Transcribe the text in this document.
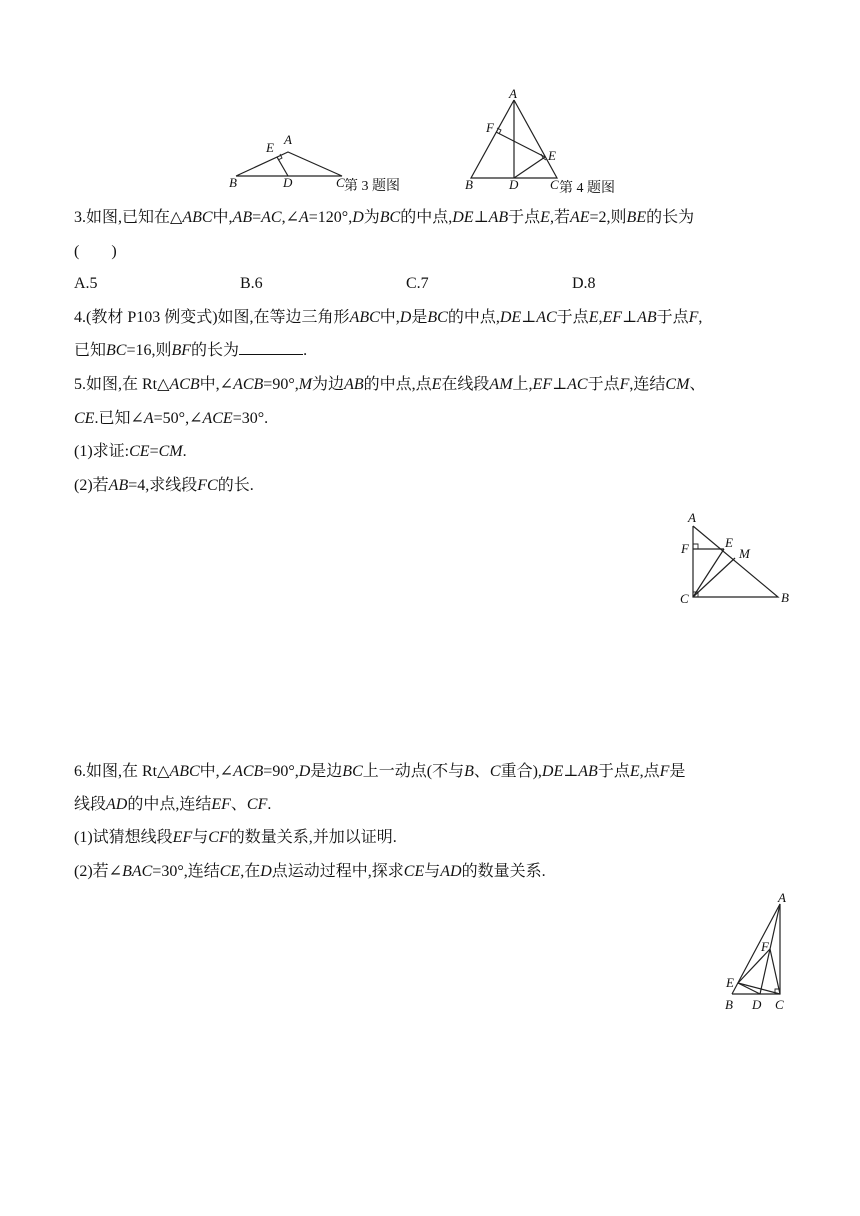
A
E
B	D	C 第 3 题图
A
F
E
B	D C 第 4 题图
3.如图,已知在△ABC中,AB=AC,∠A=120°,D为BC的中点,DE⊥AB于点E,若AE=2,则BE的长为
(        )
A.5	B.6	C.7	D.8
4.(教材 P103 例变式)如图,在等边三角形ABC中,D是BC的中点,DE⊥AC于点E,EF⊥AB于点F,
已知BC=16,则BF的长为	.
5.如图,在 Rt△ACB中,∠ACB=90°,M为边AB的中点,点E在线段AM上,EF⊥AC于点F,连结CM、
CE.已知∠A=50°,∠ACE=30°.
(1)求证:CE=CM.
(2)若AB=4,求线段FC的长.
A
F	E
M
C	B
6.如图,在 Rt△ABC中,∠ACB=90°,D是边BC上一动点(不与B、C重合),DE⊥AB于点E,点F是
线段AD的中点,连结EF、CF.
(1)试猜想线段EF与CF的数量关系,并加以证明.
(2)若∠BAC=30°,连结CE,在D点运动过程中,探求CE与AD的数量关系.
A
F
E
B D C
